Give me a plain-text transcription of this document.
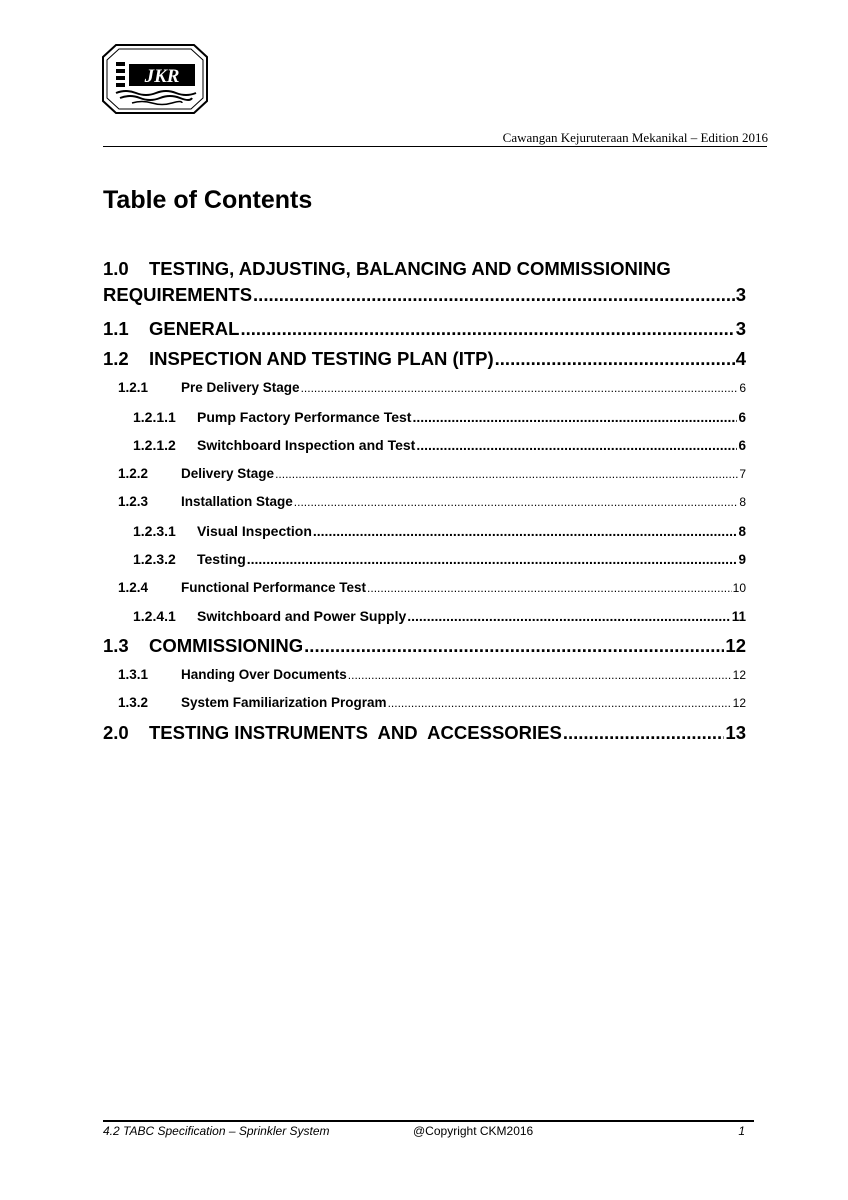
JKR
Cawangan Kejuruteraan Mekanikal – Edition 2016
Table of Contents
1.0 TESTING, ADJUSTING, BALANCING AND COMMISSIONING
REQUIREMENTS .....	3
1.1	GENERAL .....	3
1.2	INSPECTION AND TESTING PLAN (ITP) .....	4
1.2.1	Pre Delivery Stage .....	6
1.2.1.1	Pump Factory Performance Test .....	6
1.2.1.2	Switchboard Inspection and Test .....	6
1.2.2	Delivery Stage .....	7
1.2.3	Installation Stage .....	8
1.2.3.1	Visual Inspection .....	8
1.2.3.2	Testing .....	9
1.2.4	Functional Performance Test .....	10
1.2.4.1	Switchboard and Power Supply .....	11
1.3	COMMISSIONING .....	12
1.3.1	Handing Over Documents .....	12
1.3.2	System Familiarization Program .....	12
2.0	TESTING INSTRUMENTS  AND  ACCESSORIES .....	13
4.2 TABC Specification – Sprinkler System	@Copyright CKM2016	1
